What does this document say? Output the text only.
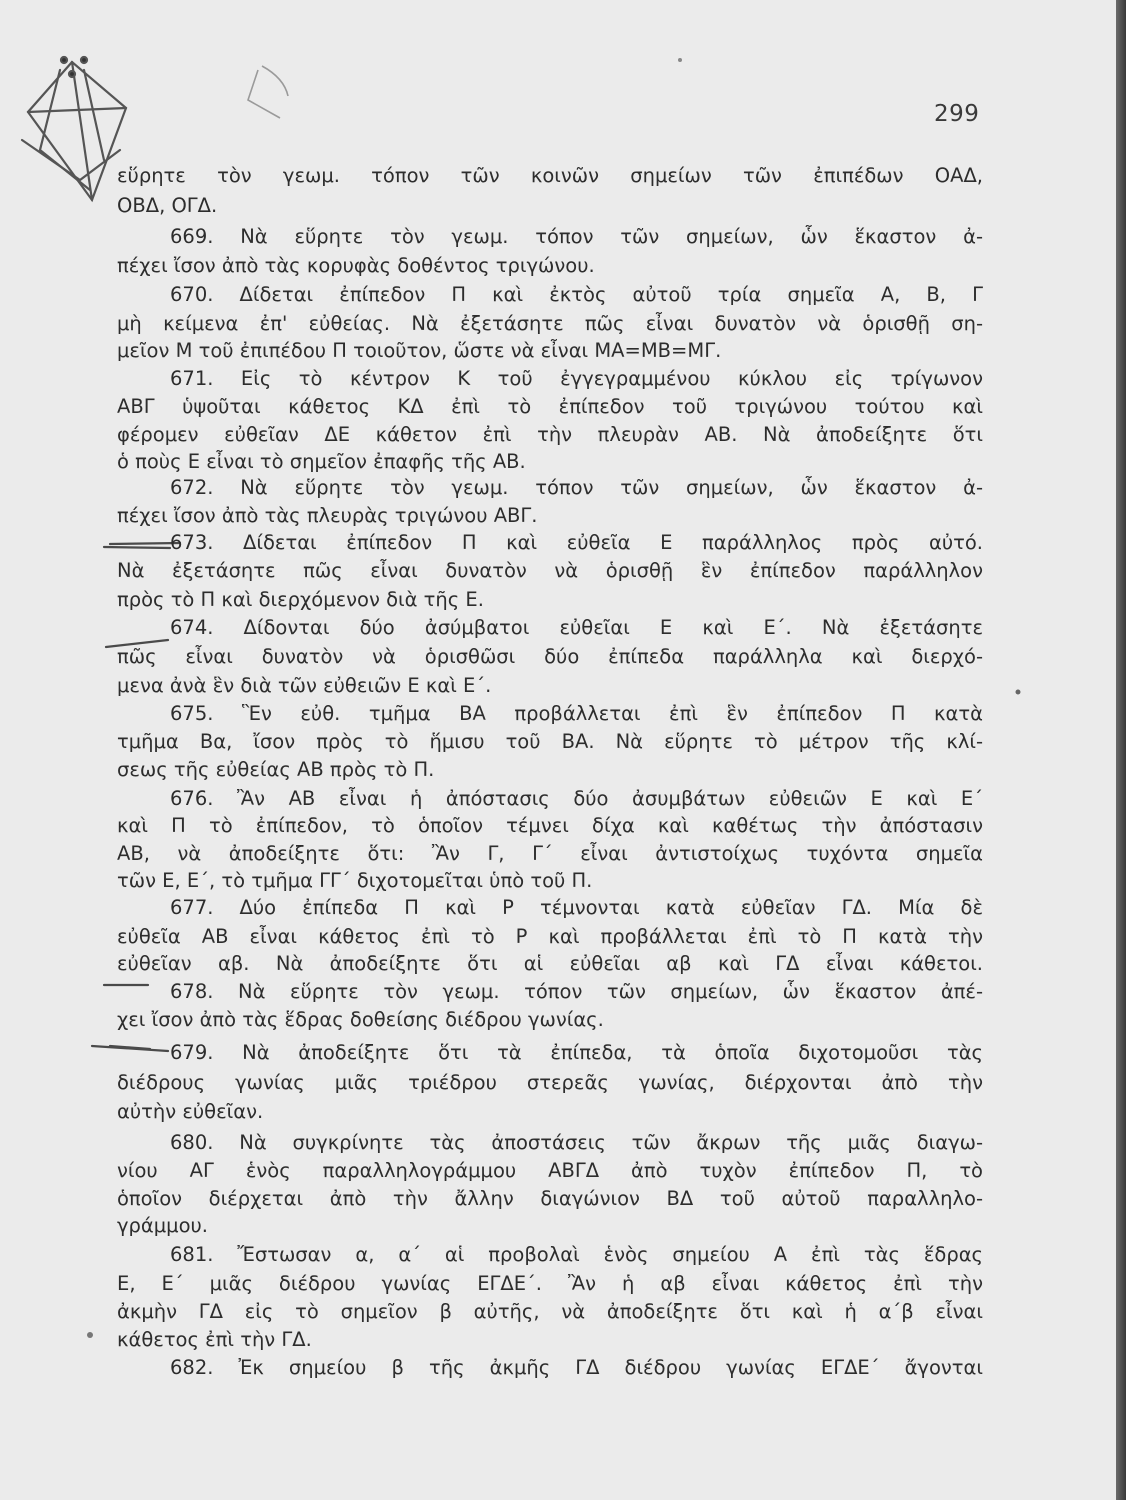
299
εὕρητε τὸν γεωμ. τόπον τῶν κοινῶν σημείων τῶν ἐπιπέδων ΟΑΔ,
ΟΒΔ, ΟΓΔ.
669. Νὰ εὕρητε τὸν γεωμ. τόπον τῶν σημείων, ὧν ἕκαστον ἀ-
πέχει ἴσον ἀπὸ τὰς κορυφὰς δοθέντος τριγώνου.
670. Δίδεται ἐπίπεδον Π καὶ ἐκτὸς αὐτοῦ τρία σημεῖα Α, Β, Γ
μὴ κείμενα ἐπ' εὐθείας. Νὰ ἐξετάσητε πῶς εἶναι δυνατὸν νὰ ὁρισθῇ ση-
μεῖον Μ τοῦ ἐπιπέδου Π τοιοῦτον, ὥστε νὰ εἶναι ΜΑ=ΜΒ=ΜΓ.
671. Εἰς τὸ κέντρον Κ τοῦ ἐγγεγραμμένου κύκλου εἰς τρίγωνον
ΑΒΓ ὑψοῦται κάθετος ΚΔ ἐπὶ τὸ ἐπίπεδον τοῦ τριγώνου τούτου καὶ
φέρομεν εὐθεῖαν ΔΕ κάθετον ἐπὶ τὴν πλευρὰν ΑΒ. Νὰ ἀποδείξητε ὅτι
ὁ ποὺς Ε εἶναι τὸ σημεῖον ἐπαφῆς τῆς ΑΒ.
672. Νὰ εὕρητε τὸν γεωμ. τόπον τῶν σημείων, ὧν ἕκαστον ἀ-
πέχει ἴσον ἀπὸ τὰς πλευρὰς τριγώνου ΑΒΓ.
673. Δίδεται ἐπίπεδον Π καὶ εὐθεῖα Ε παράλληλος πρὸς αὐτό.
Νὰ ἐξετάσητε πῶς εἶναι δυνατὸν νὰ ὁρισθῇ ἓν ἐπίπεδον παράλληλον
πρὸς τὸ Π καὶ διερχόμενον διὰ τῆς Ε.
674. Δίδονται δύο ἀσύμβατοι εὐθεῖαι Ε καὶ Ε΄. Νὰ ἐξετάσητε
πῶς εἶναι δυνατὸν νὰ ὁρισθῶσι δύο ἐπίπεδα παράλληλα καὶ διερχό-
μενα ἀνὰ ἓν διὰ τῶν εὐθειῶν Ε καὶ Ε΄.
675. Ἓν εὐθ. τμῆμα ΒΑ προβάλλεται ἐπὶ ἓν ἐπίπεδον Π κατὰ
τμῆμα Βα, ἴσον πρὸς τὸ ἥμισυ τοῦ ΒΑ. Νὰ εὕρητε τὸ μέτρον τῆς κλί-
σεως τῆς εὐθείας ΑΒ πρὸς τὸ Π.
676. Ἂν ΑΒ εἶναι ἡ ἀπόστασις δύο ἀσυμβάτων εὐθειῶν Ε καὶ Ε΄
καὶ Π τὸ ἐπίπεδον, τὸ ὁποῖον τέμνει δίχα καὶ καθέτως τὴν ἀπόστασιν
ΑΒ, νὰ ἀποδείξητε ὅτι: Ἂν Γ, Γ΄ εἶναι ἀντιστοίχως τυχόντα σημεῖα
τῶν Ε, Ε΄, τὸ τμῆμα ΓΓ΄ διχοτομεῖται ὑπὸ τοῦ Π.
677. Δύο ἐπίπεδα Π καὶ Ρ τέμνονται κατὰ εὐθεῖαν ΓΔ. Μία δὲ
εὐθεῖα ΑΒ εἶναι κάθετος ἐπὶ τὸ Ρ καὶ προβάλλεται ἐπὶ τὸ Π κατὰ τὴν
εὐθεῖαν αβ. Νὰ ἀποδείξητε ὅτι αἱ εὐθεῖαι αβ καὶ ΓΔ εἶναι κάθετοι.
678. Νὰ εὕρητε τὸν γεωμ. τόπον τῶν σημείων, ὧν ἕκαστον ἀπέ-
χει ἴσον ἀπὸ τὰς ἕδρας δοθείσης διέδρου γωνίας.
679. Νὰ ἀποδείξητε ὅτι τὰ ἐπίπεδα, τὰ ὁποῖα διχοτομοῦσι τὰς
διέδρους γωνίας μιᾶς τριέδρου στερεᾶς γωνίας, διέρχονται ἀπὸ τὴν
αὐτὴν εὐθεῖαν.
680. Νὰ συγκρίνητε τὰς ἀποστάσεις τῶν ἄκρων τῆς μιᾶς διαγω-
νίου ΑΓ ἑνὸς παραλληλογράμμου ΑΒΓΔ ἀπὸ τυχὸν ἐπίπεδον Π, τὸ
ὁποῖον διέρχεται ἀπὸ τὴν ἄλλην διαγώνιον ΒΔ τοῦ αὐτοῦ παραλληλο-
γράμμου.
681. Ἔστωσαν α, α΄ αἱ προβολαὶ ἑνὸς σημείου Α ἐπὶ τὰς ἕδρας
Ε, Ε΄ μιᾶς διέδρου γωνίας ΕΓΔΕ΄. Ἂν ἡ αβ εἶναι κάθετος ἐπὶ τὴν
ἀκμὴν ΓΔ εἰς τὸ σημεῖον β αὐτῆς, νὰ ἀποδείξητε ὅτι καὶ ἡ α΄β εἶναι
κάθετος ἐπὶ τὴν ΓΔ.
682. Ἐκ σημείου β τῆς ἀκμῆς ΓΔ διέδρου γωνίας ΕΓΔΕ΄ ἄγονται
